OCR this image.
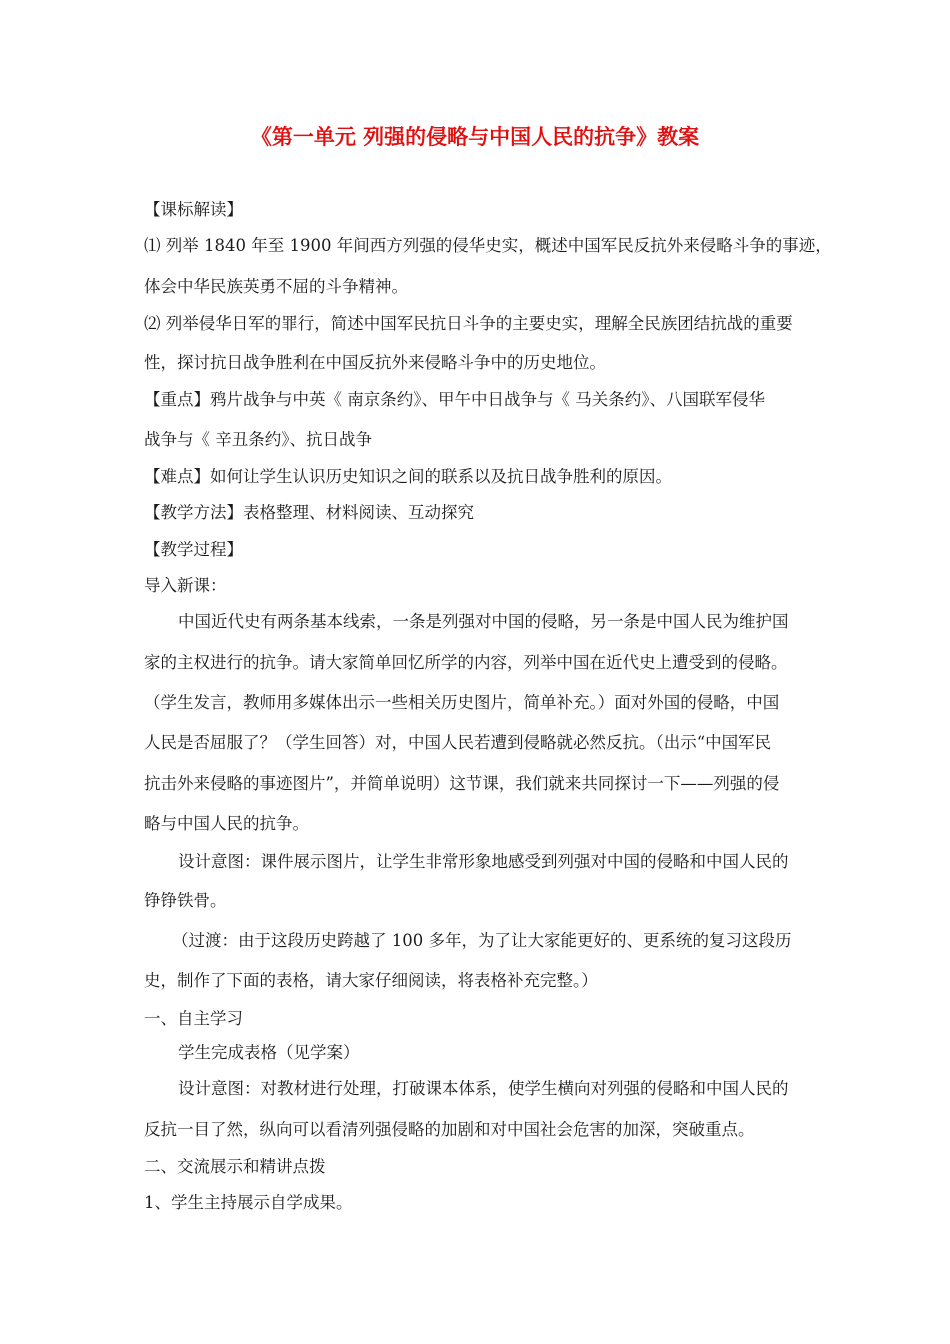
《第一单元 列强的侵略与中国人民的抗争》教案
【课标解读】
⑴ 列举 1840 年至 1900 年间西方列强的侵华史实，概述中国军民反抗外来侵略斗争的事迹，
体会中华民族英勇不屈的斗争精神。
⑵ 列举侵华日军的罪行，简述中国军民抗日斗争的主要史实，理解全民族团结抗战的重要
性，探讨抗日战争胜利在中国反抗外来侵略斗争中的历史地位。
【重点】鸦片战争与中英《 南京条约》、甲午中日战争与《 马关条约》、八国联军侵华
战争与《 辛丑条约》、抗日战争
【难点】如何让学生认识历史知识之间的联系以及抗日战争胜利的原因。
【教学方法】表格整理、材料阅读、互动探究
【教学过程】
导入新课：
中国近代史有两条基本线索，一条是列强对中国的侵略，另一条是中国人民为维护国
家的主权进行的抗争。请大家简单回忆所学的内容，列举中国在近代史上遭受到的侵略。
（学生发言，教师用多媒体出示一些相关历史图片，简单补充。）面对外国的侵略，中国
人民是否屈服了？（学生回答）对，中国人民若遭到侵略就必然反抗。（出示“中国军民
抗击外来侵略的事迹图片”，并简单说明）这节课，我们就来共同探讨一下——列强的侵
略与中国人民的抗争。
设计意图：课件展示图片，让学生非常形象地感受到列强对中国的侵略和中国人民的
铮铮铁骨。
（过渡：由于这段历史跨越了 100 多年，为了让大家能更好的、更系统的复习这段历
史，制作了下面的表格，请大家仔细阅读，将表格补充完整。）
一、自主学习
学生完成表格（见学案）
设计意图：对教材进行处理，打破课本体系，使学生横向对列强的侵略和中国人民的
反抗一目了然，纵向可以看清列强侵略的加剧和对中国社会危害的加深，突破重点。
二、交流展示和精讲点拨
1、学生主持展示自学成果。
